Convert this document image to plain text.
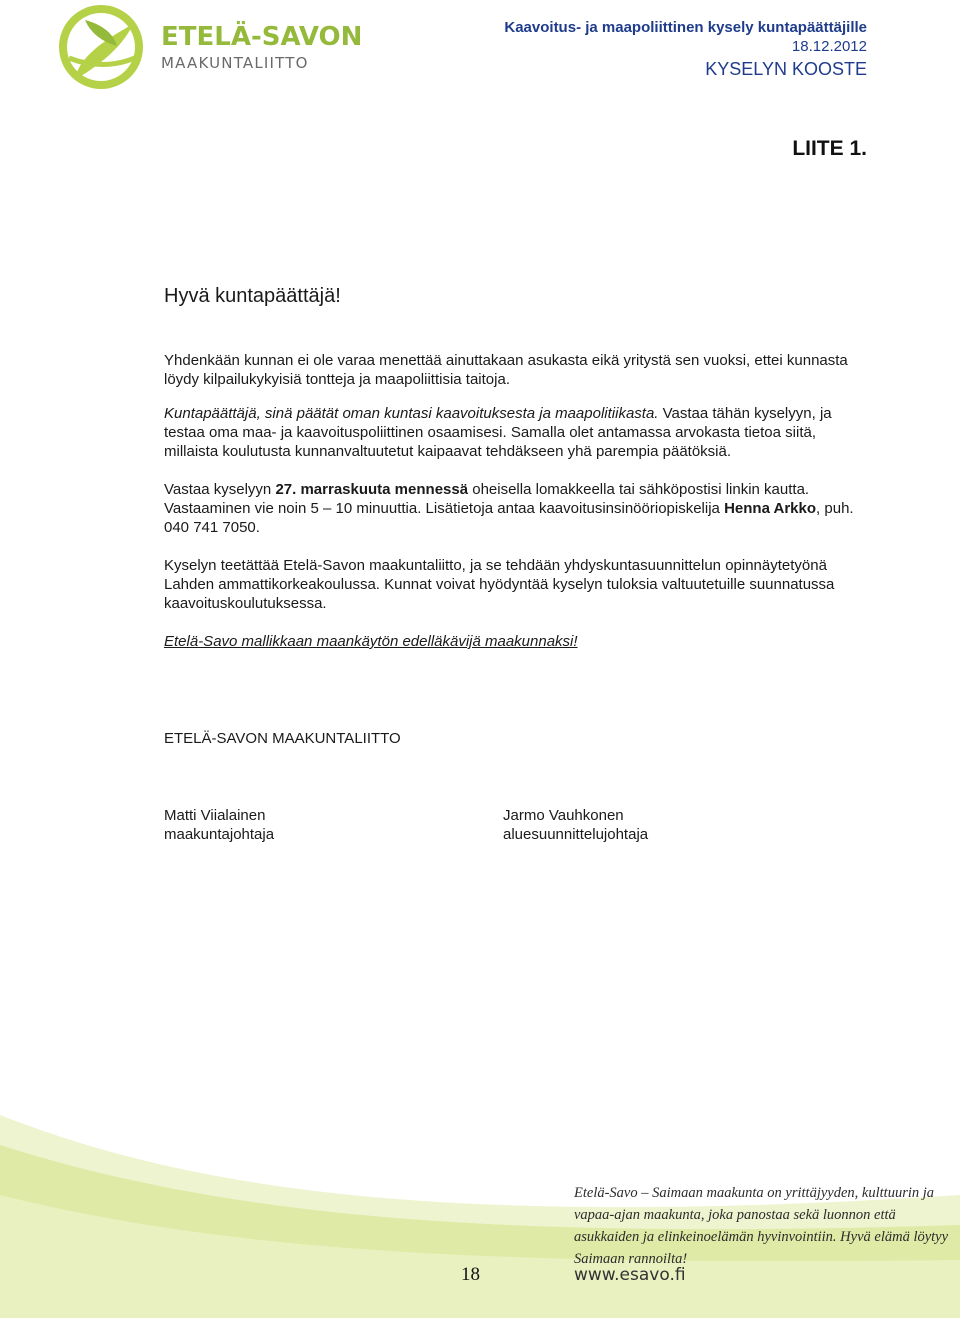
ETELÄ-SAVON
MAAKUNTALIITTO
Kaavoitus- ja maapoliittinen kysely kuntapäättäjille
18.12.2012
KYSELYN KOOSTE
LIITE 1.
Hyvä kuntapäättäjä!

Yhdenkään kunnan ei ole varaa menettää ainuttakaan asukasta eikä yritystä sen vuoksi, ettei kunnasta löydy kilpailukykyisiä tontteja ja maapoliittisia taitoja.

Kuntapäättäjä, sinä päätät oman kuntasi kaavoituksesta ja maapolitiikasta. Vastaa tähän kyselyyn, ja testaa oma maa- ja kaavoituspoliittinen osaamisesi. Samalla olet antamassa arvokasta tietoa siitä, millaista koulutusta kunnanvaltuutetut kaipaavat tehdäkseen yhä parempia päätöksiä.

Vastaa kyselyyn 27. marraskuuta mennessä oheisella lomakkeella tai sähköpostisi linkin kautta. Vastaaminen vie noin 5 – 10 minuuttia. Lisätietoja antaa kaavoitusinsinööriopiskelija Henna Arkko, puh. 040 741 7050.

Kyselyn teetättää Etelä-Savon maakuntaliitto, ja se tehdään yhdyskuntasuunnittelun opinnäytetyönä Lahden ammattikorkeakoulussa. Kunnat voivat hyödyntää kyselyn tuloksia valtuutetuille suunnatussa kaavoituskoulutuksessa.

Etelä-Savo mallikkaan maankäytön edelläkävijä maakunnaksi!

ETELÄ-SAVON MAAKUNTALIITTO
Matti Viialainen
maakuntajohtaja
Jarmo Vauhkonen
aluesuunnittelujohtaja
Etelä-Savo – Saimaan maakunta on yrittäjyyden, kulttuurin ja vapaa-ajan maakunta, joka panostaa sekä luonnon että asukkaiden ja elinkeinoelämän hyvinvointiin. Hyvä elämä löytyy Saimaan rannoilta!
www.esavo.fi
18
